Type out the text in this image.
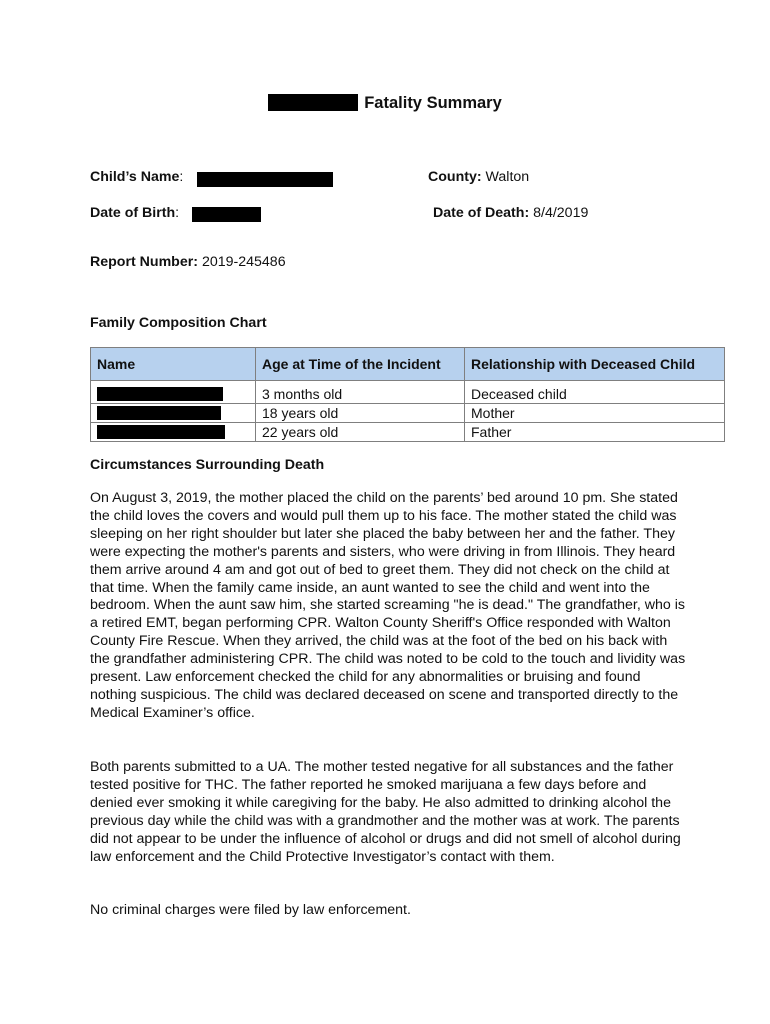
Fatality Summary
Child’s Name:	County: Walton
Date of Birth:	Date of Death: 8/4/2019
Report Number: 2019-245486
Family Composition Chart
Name	Age at Time of the Incident	Relationship with Deceased Child

	3 months old	Deceased child
	18 years old	Mother
	22 years old	Father
Circumstances Surrounding Death
On August 3, 2019, the mother placed the child on the parents’ bed around 10 pm. She stated the child loves the covers and would pull them up to his face. The mother stated the child was sleeping on her right shoulder but later she placed the baby between her and the father. They were expecting the mother's parents and sisters, who were driving in from Illinois. They heard them arrive around 4 am and got out of bed to greet them. They did not check on the child at that time. When the family came inside, an aunt wanted to see the child and went into the bedroom. When the aunt saw him, she started screaming "he is dead." The grandfather, who is a retired EMT, began performing CPR. Walton County Sheriff's Office responded with Walton County Fire Rescue. When they arrived, the child was at the foot of the bed on his back with the grandfather administering CPR. The child was noted to be cold to the touch and lividity was present. Law enforcement checked the child for any abnormalities or bruising and found nothing suspicious. The child was declared deceased on scene and transported directly to the Medical Examiner’s office.
Both parents submitted to a UA. The mother tested negative for all substances and the father tested positive for THC. The father reported he smoked marijuana a few days before and denied ever smoking it while caregiving for the baby. He also admitted to drinking alcohol the previous day while the child was with a grandmother and the mother was at work. The parents did not appear to be under the influence of alcohol or drugs and did not smell of alcohol during law enforcement and the Child Protective Investigator’s contact with them.
No criminal charges were filed by law enforcement.
